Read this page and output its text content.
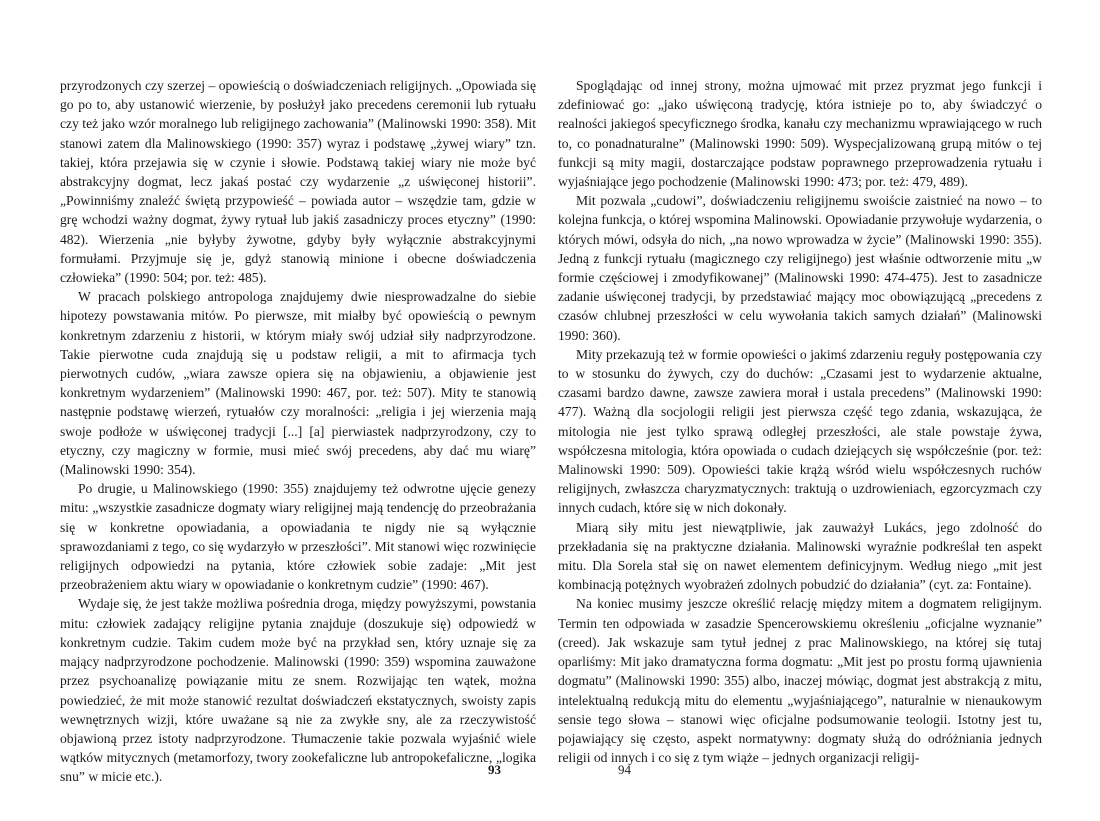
przyrodzonych czy szerzej – opowieścią o doświadczeniach religijnych. „Opowiada się go po to, aby ustanowić wierzenie, by posłużył jako precedens ceremonii lub rytuału czy też jako wzór moralnego lub religijnego zachowania” (Malinowski 1990: 358). Mit stanowi zatem dla Malinowskiego (1990: 357) wyraz i podstawę „żywej wiary” tzn. takiej, która przejawia się w czynie i słowie. Podstawą takiej wiary nie może być abstrakcyjny dogmat, lecz jakaś postać czy wydarzenie „z uświęconej historii”. „Powinniśmy znaleźć świętą przypowieść – powiada autor – wszędzie tam, gdzie w grę wchodzi ważny dogmat, żywy rytuał lub jakiś zasadniczy proces etyczny” (1990: 482). Wierzenia „nie byłyby żywotne, gdyby były wyłącznie abstrakcyjnymi formułami. Przyjmuje się je, gdyż stanowią minione i obecne doświadczenia człowieka” (1990: 504; por. też: 485).

W pracach polskiego antropologa znajdujemy dwie niesprowadzalne do siebie hipotezy powstawania mitów. Po pierwsze, mit miałby być opowieścią o pewnym konkretnym zdarzeniu z historii, w którym miały swój udział siły nadprzyrodzone. Takie pierwotne cuda znajdują się u podstaw religii, a mit to afirmacja tych pierwotnych cudów, „wiara zawsze opiera się na objawieniu, a objawienie jest konkretnym wydarzeniem” (Malinowski 1990: 467, por. też: 507). Mity te stanowią następnie podstawę wierzeń, rytuałów czy moralności: „religia i jej wierzenia mają swoje podłoże w uświęconej tradycji [...] [a] pierwiastek nadprzyrodzony, czy to etyczny, czy magiczny w formie, musi mieć swój precedens, aby dać mu wiarę” (Malinowski 1990: 354).

Po drugie, u Malinowskiego (1990: 355) znajdujemy też odwrotne ujęcie genezy mitu: „wszystkie zasadnicze dogmaty wiary religijnej mają tendencję do przeobrażania się w konkretne opowiadania, a opowiadania te nigdy nie są wyłącznie sprawozdaniami z tego, co się wydarzyło w przeszłości”. Mit stanowi więc rozwinięcie religijnych odpowiedzi na pytania, które człowiek sobie zadaje: „Mit jest przeobrażeniem aktu wiary w opowiadanie o konkretnym cudzie” (1990: 467).

Wydaje się, że jest także możliwa pośrednia droga, między powyższymi, powstania mitu: człowiek zadający religijne pytania znajduje (doszukuje się) odpowiedź w konkretnym cudzie. Takim cudem może być na przykład sen, który uznaje się za mający nadprzyrodzone pochodzenie. Malinowski (1990: 359) wspomina zauważone przez psychoanalizę powiązanie mitu ze snem. Rozwijając ten wątek, można powiedzieć, że mit może stanowić rezultat doświadczeń ekstatycznych, swoisty zapis wewnętrznych wizji, które uważane są nie za zwykłe sny, ale za rzeczywistość objawioną przez istoty nadprzyrodzone. Tłumaczenie takie pozwala wyjaśnić wiele wątków mitycznych (metamorfozy, twory zookefaliczne lub antropokefaliczne, „logika snu” w micie etc.).

Spoglądając od innej strony, można ujmować mit przez pryzmat jego funkcji i zdefiniować go: „jako uświęconą tradycję, która istnieje po to, aby świadczyć o realności jakiegoś specyficznego środka, kanału czy mechanizmu wprawiającego w ruch to, co ponadnaturalne” (Malinowski 1990: 509). Wyspecjalizowaną grupą mitów o tej funkcji są mity magii, dostarczające podstaw poprawnego przeprowadzenia rytuału i wyjaśniające jego pochodzenie (Malinowski 1990: 473; por. też: 479, 489).

Mit pozwala „cudowi”, doświadczeniu religijnemu swoiście zaistnieć na nowo – to kolejna funkcja, o której wspomina Malinowski. Opowiadanie przywołuje wydarzenia, o których mówi, odsyła do nich, „na nowo wprowadza w życie” (Malinowski 1990: 355). Jedną z funkcji rytuału (magicznego czy religijnego) jest właśnie odtworzenie mitu „w formie częściowej i zmodyfikowanej” (Malinowski 1990: 474-475). Jest to zasadnicze zadanie uświęconej tradycji, by przedstawiać mający moc obowiązującą „precedens z czasów chlubnej przeszłości w celu wywołania takich samych działań” (Malinowski 1990: 360).

Mity przekazują też w formie opowieści o jakimś zdarzeniu reguły postępowania czy to w stosunku do żywych, czy do duchów: „Czasami jest to wydarzenie aktualne, czasami bardzo dawne, zawsze zawiera morał i ustala precedens” (Malinowski 1990: 477). Ważną dla socjologii religii jest pierwsza część tego zdania, wskazująca, że mitologia nie jest tylko sprawą odległej przeszłości, ale stale powstaje żywa, współczesna mitologia, która opowiada o cudach dziejących się współcześnie (por. też: Malinowski 1990: 509). Opowieści takie krążą wśród wielu współczesnych ruchów religijnych, zwłaszcza charyzmatycznych: traktują o uzdrowieniach, egzorcyzmach czy innych cudach, które się w nich dokonały.

Miarą siły mitu jest niewątpliwie, jak zauważył Lukács, jego zdolność do przekładania się na praktyczne działania. Malinowski wyraźnie podkreślał ten aspekt mitu. Dla Sorela stał się on nawet elementem definicyjnym. Według niego „mit jest kombinacją potężnych wyobrażeń zdolnych pobudzić do działania” (cyt. za: Fontaine).

Na koniec musimy jeszcze określić relację między mitem a dogmatem religijnym. Termin ten odpowiada w zasadzie Spencerowskiemu określeniu „oficjalne wyznanie” (creed). Jak wskazuje sam tytuł jednej z prac Malinowskiego, na której się tutaj oparliśmy: Mit jako dramatyczna forma dogmatu: „Mit jest po prostu formą ujawnienia dogmatu” (Malinowski 1990: 355) albo, inaczej mówiąc, dogmat jest abstrakcją z mitu, intelektualną redukcją mitu do elementu „wyjaśniającego”, naturalnie w nienaukowym sensie tego słowa – stanowi więc oficjalne podsumowanie teologii. Istotny jest tu, pojawiający się często, aspekt normatywny: dogmaty służą do odróżniania jednych religii od innych i co się z tym wiąże – jednych organizacji religij-

93	94
